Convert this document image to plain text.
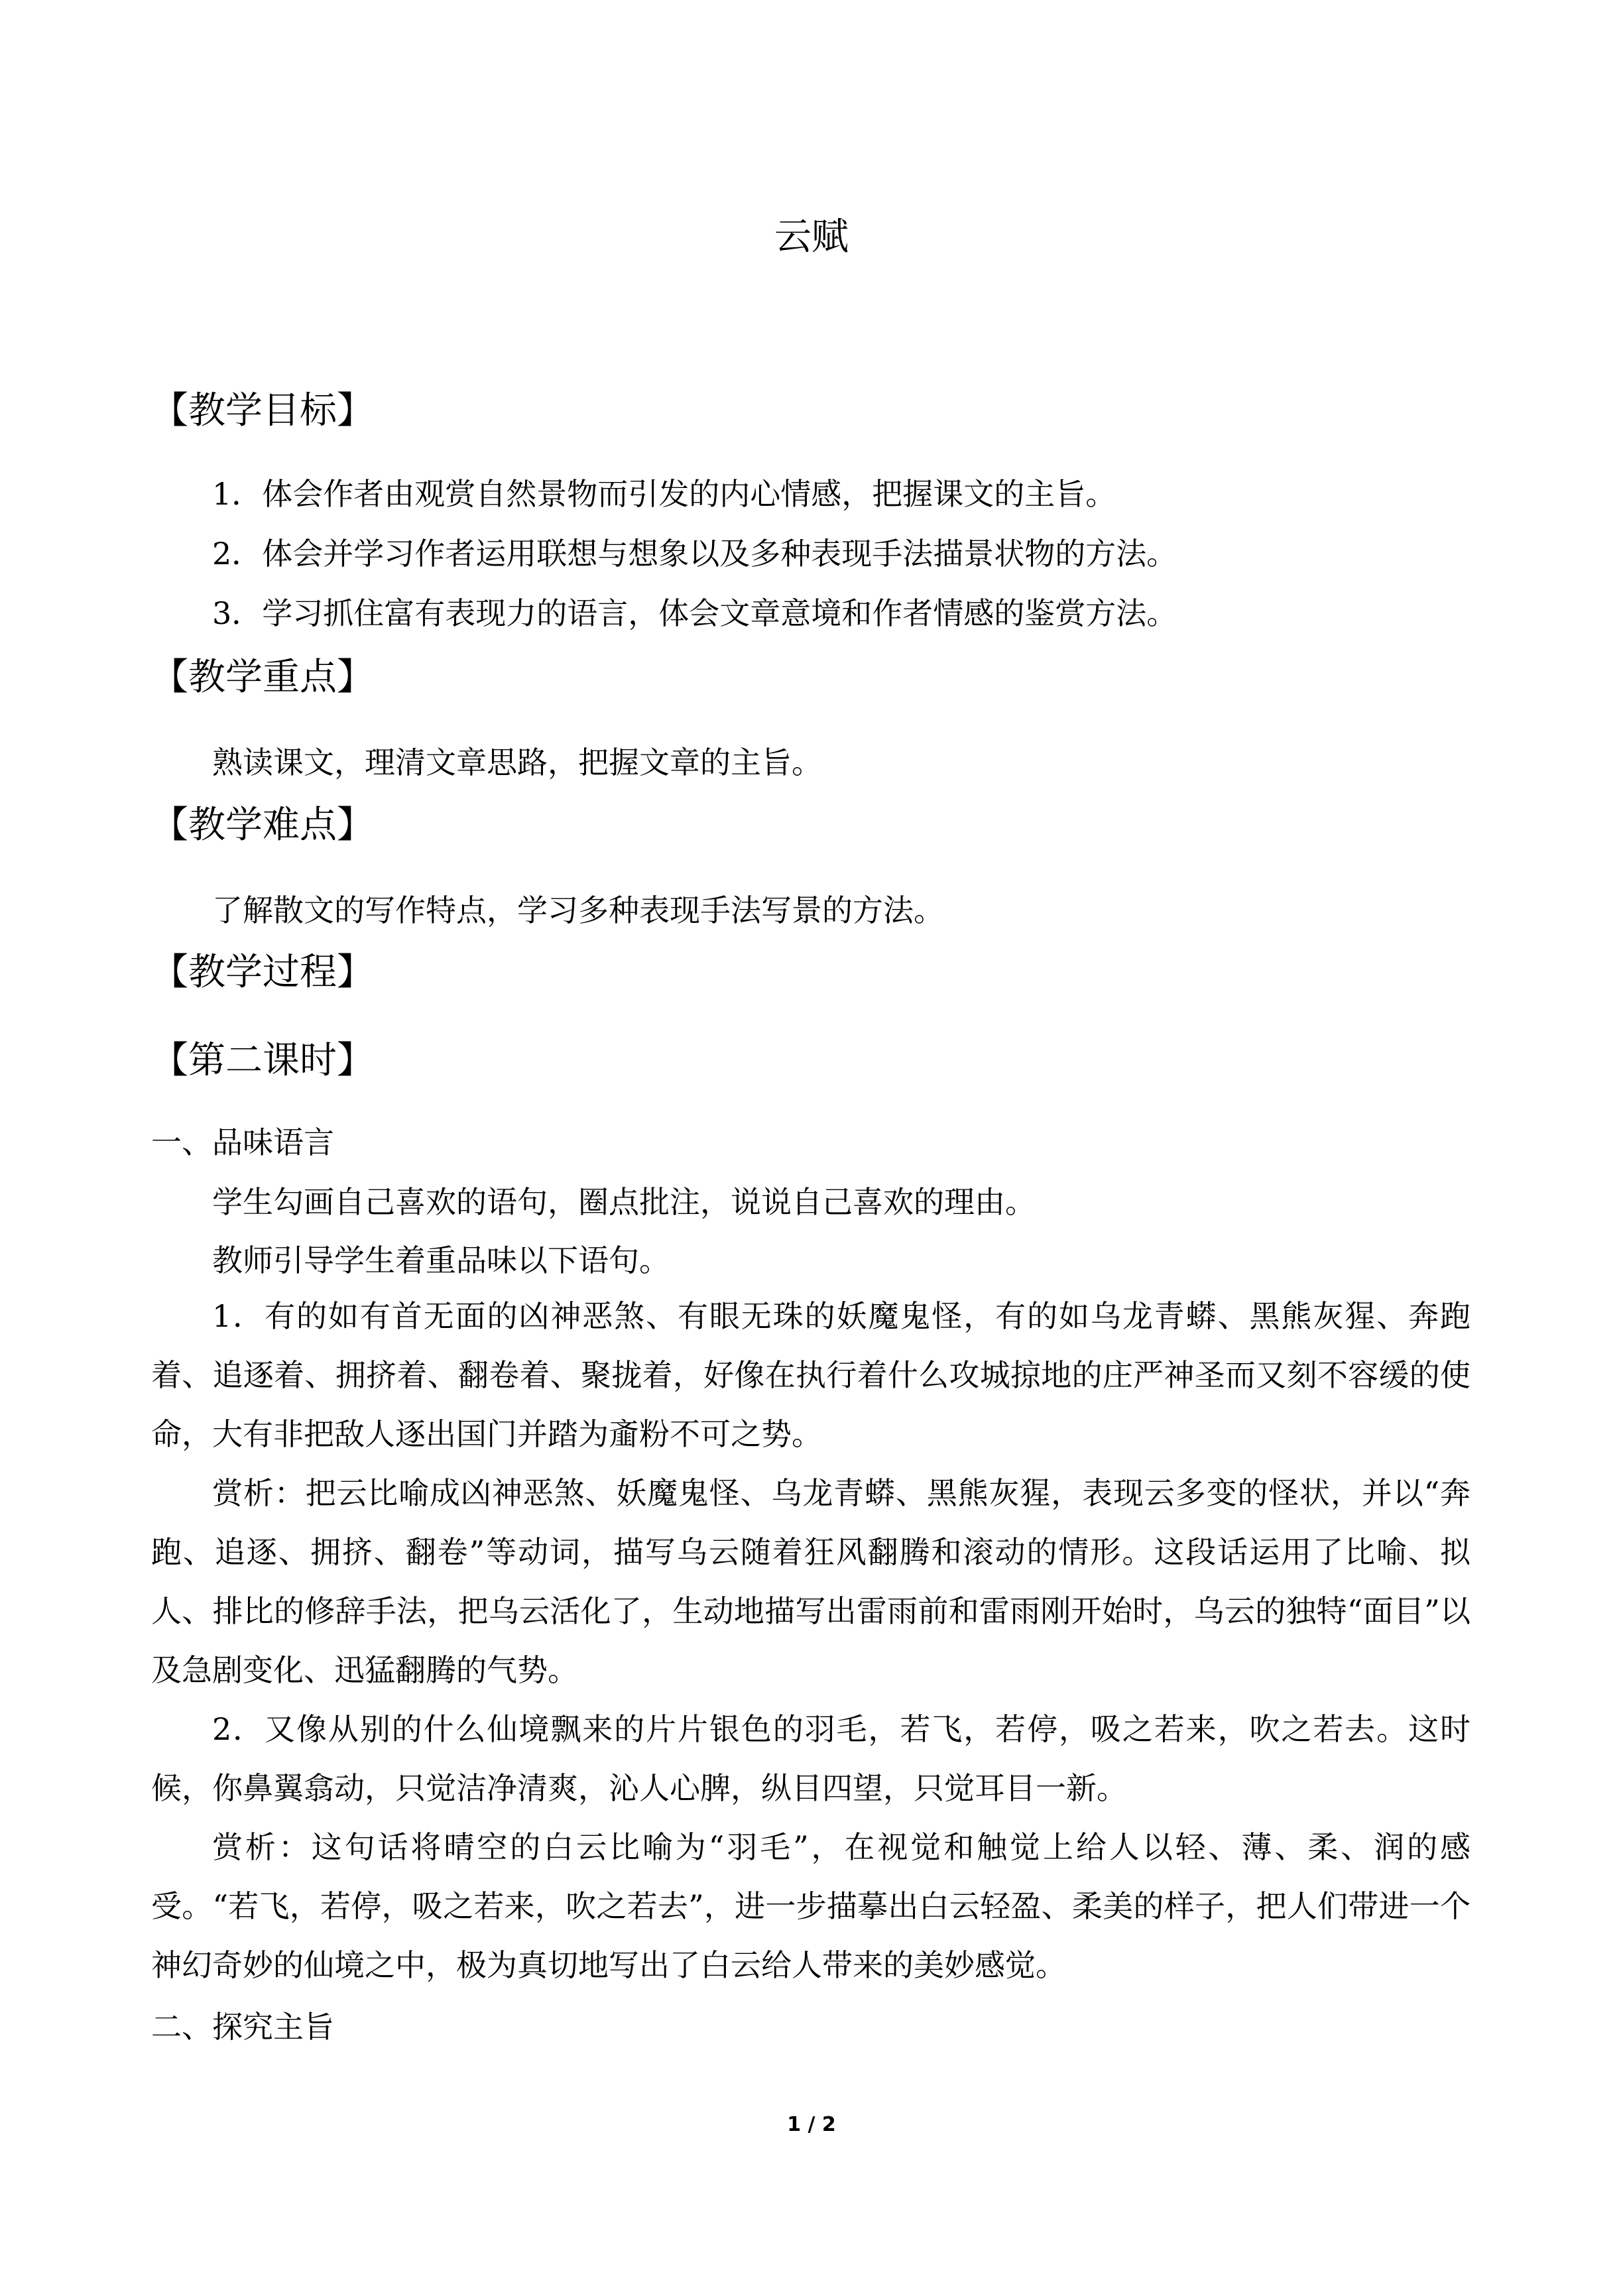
云赋
【教学目标】
1．体会作者由观赏自然景物而引发的内心情感，把握课文的主旨。
2．体会并学习作者运用联想与想象以及多种表现手法描景状物的方法。
3．学习抓住富有表现力的语言，体会文章意境和作者情感的鉴赏方法。
【教学重点】
熟读课文，理清文章思路，把握文章的主旨。
【教学难点】
了解散文的写作特点，学习多种表现手法写景的方法。
【教学过程】
【第二课时】
一、品味语言
学生勾画自己喜欢的语句，圈点批注，说说自己喜欢的理由。
教师引导学生着重品味以下语句。
1．有的如有首无面的凶神恶煞、有眼无珠的妖魔鬼怪，有的如乌龙青蟒、黑熊灰猩、奔跑着、追逐着、拥挤着、翻卷着、聚拢着，好像在执行着什么攻城掠地的庄严神圣而又刻不容缓的使命，大有非把敌人逐出国门并踏为齑粉不可之势。
赏析：把云比喻成凶神恶煞、妖魔鬼怪、乌龙青蟒、黑熊灰猩，表现云多变的怪状，并以“奔跑、追逐、拥挤、翻卷”等动词，描写乌云随着狂风翻腾和滚动的情形。这段话运用了比喻、拟人、排比的修辞手法，把乌云活化了，生动地描写出雷雨前和雷雨刚开始时，乌云的独特“面目”以及急剧变化、迅猛翻腾的气势。
2．又像从别的什么仙境飘来的片片银色的羽毛，若飞，若停，吸之若来，吹之若去。这时候，你鼻翼翕动，只觉洁净清爽，沁人心脾，纵目四望，只觉耳目一新。
赏析：这句话将晴空的白云比喻为“羽毛”，在视觉和触觉上给人以轻、薄、柔、润的感受。“若飞，若停，吸之若来，吹之若去”，进一步描摹出白云轻盈、柔美的样子，把人们带进一个神幻奇妙的仙境之中，极为真切地写出了白云给人带来的美妙感觉。
二、探究主旨
1 / 2
